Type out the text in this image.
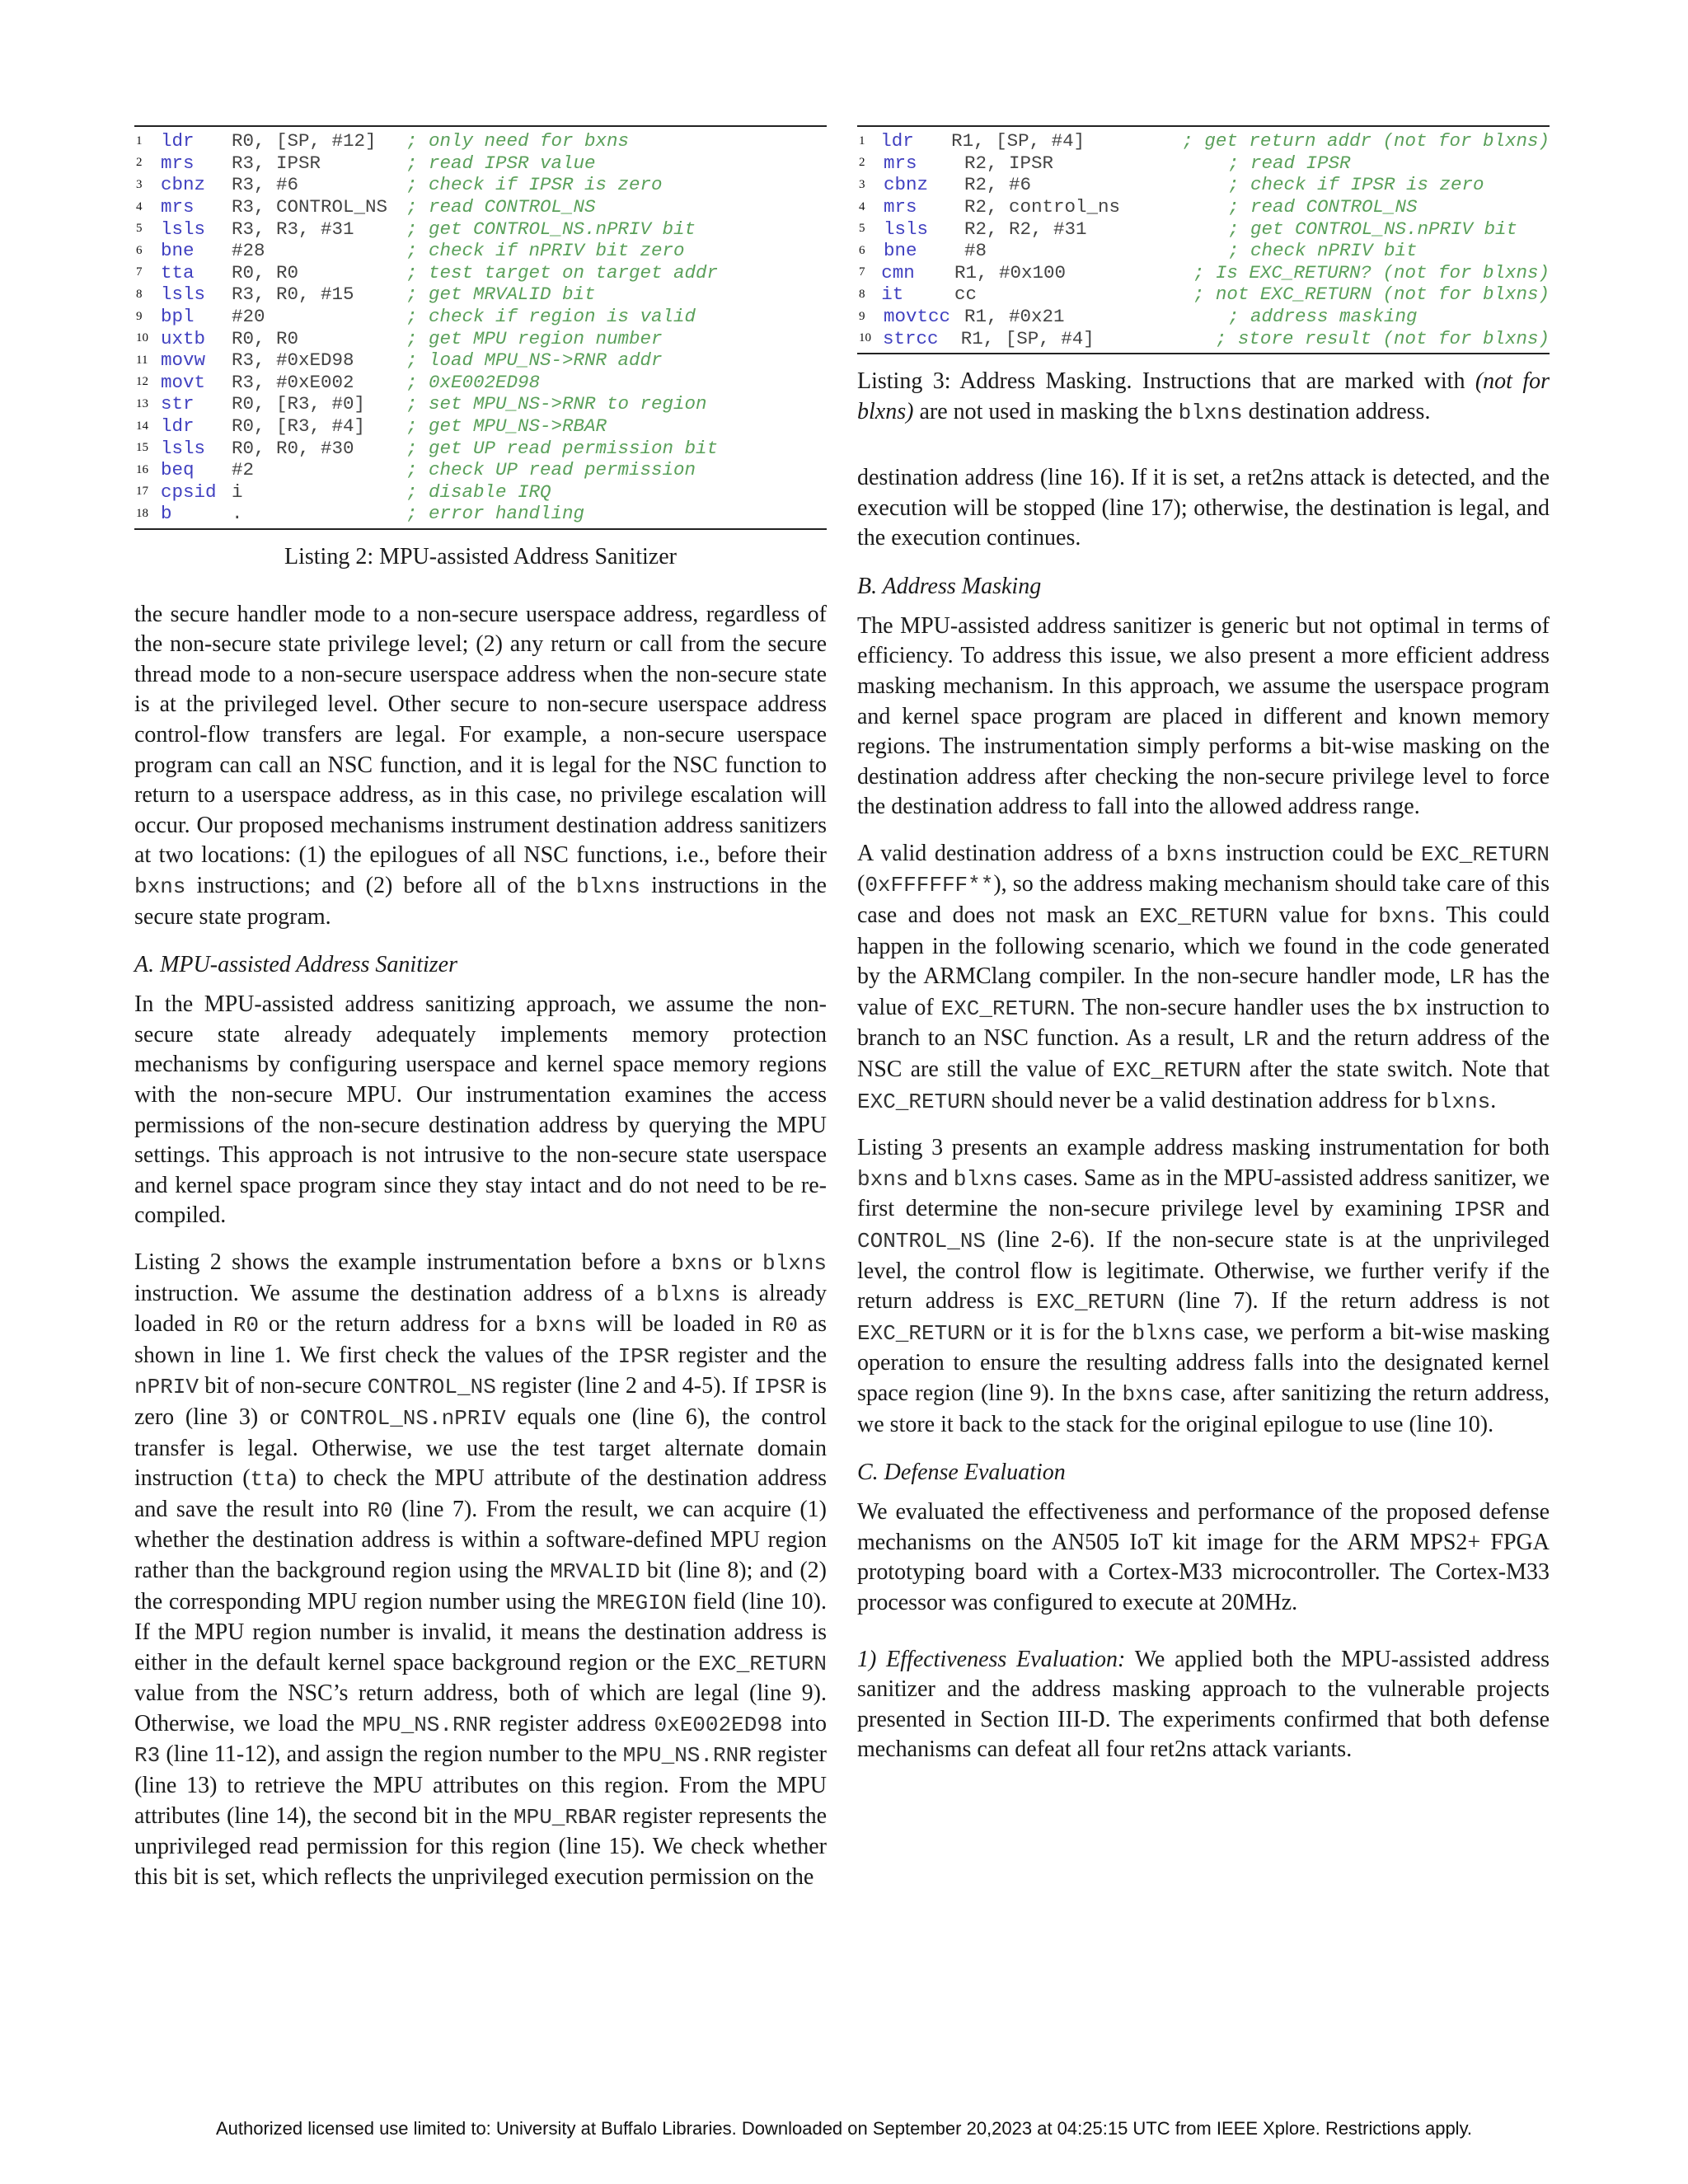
1	ldr	R0, [SP, #12]	; only need for bxns
2	mrs	R3, IPSR	; read IPSR value
3	cbnz	R3, #6	; check if IPSR is zero
4	mrs	R3, CONTROL_NS	; read CONTROL_NS
5	lsls	R3, R3, #31	; get CONTROL_NS.nPRIV bit
6	bne	#28	; check if nPRIV bit zero
7	tta	R0, R0	; test target on target addr
8	lsls	R3, R0, #15	; get MRVALID bit
9	bpl	#20	; check if region is valid
10 uxtb	R0, R0	; get MPU region number
11 movw	R3, #0xED98	; load MPU_NS->RNR addr
12 movt	R3, #0xE002	; 0xE002ED98
13 str	R0, [R3, #0]	; set MPU_NS->RNR to region
14 ldr	R0, [R3, #4]	; get MPU_NS->RBAR
15 lsls	R0, R0, #30	; get UP read permission bit
16 beq	#2	; check UP read permission
17 cpsid i	; disable IRQ
18 b	.	; error handling
Listing 2: MPU-assisted Address Sanitizer

the secure handler mode to a non-secure userspace address, regardless of the non-secure state privilege level; (2) any return or call from the secure thread mode to a non-secure userspace address when the non-secure state is at the privileged level. Other secure to non-secure userspace address control-flow transfers are legal. For example, a non-secure userspace program can call an NSC function, and it is legal for the NSC function to return to a userspace address, as in this case, no privilege escalation will occur. Our proposed mechanisms instrument destination address sanitizers at two locations: (1) the epilogues of all NSC functions, i.e., before their bxns instructions; and (2) before all of the blxns instructions in the secure state program.

A. MPU-assisted Address Sanitizer

In the MPU-assisted address sanitizing approach, we assume the non-secure state already adequately implements memory protection mechanisms by configuring userspace and kernel space memory regions with the non-secure MPU. Our instrumentation examines the access permissions of the non-secure destination address by querying the MPU settings. This approach is not intrusive to the non-secure state userspace and kernel space program since they stay intact and do not need to be re-compiled.

Listing 2 shows the example instrumentation before a bxns or blxns instruction. We assume the destination address of a blxns is already loaded in R0 or the return address for a bxns will be loaded in R0 as shown in line 1. We first check the values of the IPSR register and the nPRIV bit of non-secure CONTROL_NS register (line 2 and 4-5). If IPSR is zero (line 3) or CONTROL_NS.nPRIV equals one (line 6), the control transfer is legal. Otherwise, we use the test target alternate domain instruction (tta) to check the MPU attribute of the destination address and save the result into R0 (line 7). From the result, we can acquire (1) whether the destination address is within a software-defined MPU region rather than the background region using the MRVALID bit (line 8); and (2) the corresponding MPU region number using the MREGION field (line 10). If the MPU region number is invalid, it means the destination address is either in the default kernel space background region or the EXC_RETURN value from the NSC’s return address, both of which are legal (line 9). Otherwise, we load the MPU_NS.RNR register address 0xE002ED98 into R3 (line 11-12), and assign the region number to the MPU_NS.RNR register (line 13) to retrieve the MPU attributes on this region. From the MPU attributes (line 14), the second bit in the MPU_RBAR register represents the unprivileged read permission for this region (line 15). We check whether this bit is set, which reflects the unprivileged execution permission on the

1 ldr	R1, [SP, #4]	; get return addr (not for blxns)
2	mrs	R2, IPSR	; read IPSR
3	cbnz	R2, #6	; check if IPSR is zero
4	mrs	R2, control_ns	; read CONTROL_NS
5	lsls	R2, R2, #31	; get CONTROL_NS.nPRIV bit
6	bne	#8	; check nPRIV bit
7 cmn	R1, #0x100	; Is EXC_RETURN? (not for blxns)
8 it	cc	; not EXC_RETURN (not for blxns)
9	movtcc R1, #0x21	; address masking
10 strcc	R1, [SP, #4]	; store result (not for blxns)
Listing 3: Address Masking. Instructions that are marked with (not for blxns) are not used in masking the blxns destination address.

destination address (line 16). If it is set, a ret2ns attack is detected, and the execution will be stopped (line 17); otherwise, the destination is legal, and the execution continues.

B. Address Masking

The MPU-assisted address sanitizer is generic but not optimal in terms of efficiency. To address this issue, we also present a more efficient address masking mechanism. In this approach, we assume the userspace program and kernel space program are placed in different and known memory regions. The instrumentation simply performs a bit-wise masking on the destination address after checking the non-secure privilege level to force the destination address to fall into the allowed address range.

A valid destination address of a bxns instruction could be EXC_RETURN (0xFFFFFF**), so the address making mechanism should take care of this case and does not mask an EXC_RETURN value for bxns. This could happen in the following scenario, which we found in the code generated by the ARMClang compiler. In the non-secure handler mode, LR has the value of EXC_RETURN. The non-secure handler uses the bx instruction to branch to an NSC function. As a result, LR and the return address of the NSC are still the value of EXC_RETURN after the state switch. Note that EXC_RETURN should never be a valid destination address for blxns.

Listing 3 presents an example address masking instrumentation for both bxns and blxns cases. Same as in the MPU-assisted address sanitizer, we first determine the non-secure privilege level by examining IPSR and CONTROL_NS (line 2-6). If the non-secure state is at the unprivileged level, the control flow is legitimate. Otherwise, we further verify if the return address is EXC_RETURN (line 7). If the return address is not EXC_RETURN or it is for the blxns case, we perform a bit-wise masking operation to ensure the resulting address falls into the designated kernel space region (line 9). In the bxns case, after sanitizing the return address, we store it back to the stack for the original epilogue to use (line 10).

C. Defense Evaluation

We evaluated the effectiveness and performance of the proposed defense mechanisms on the AN505 IoT kit image for the ARM MPS2+ FPGA prototyping board with a Cortex-M33 microcontroller. The Cortex-M33 processor was configured to execute at 20MHz.

1) Effectiveness Evaluation: We applied both the MPU-assisted address sanitizer and the address masking approach to the vulnerable projects presented in Section III-D. The experiments confirmed that both defense mechanisms can defeat all four ret2ns attack variants.

Authorized licensed use limited to: University at Buffalo Libraries. Downloaded on September 20,2023 at 04:25:15 UTC from IEEE Xplore. Restrictions apply.
